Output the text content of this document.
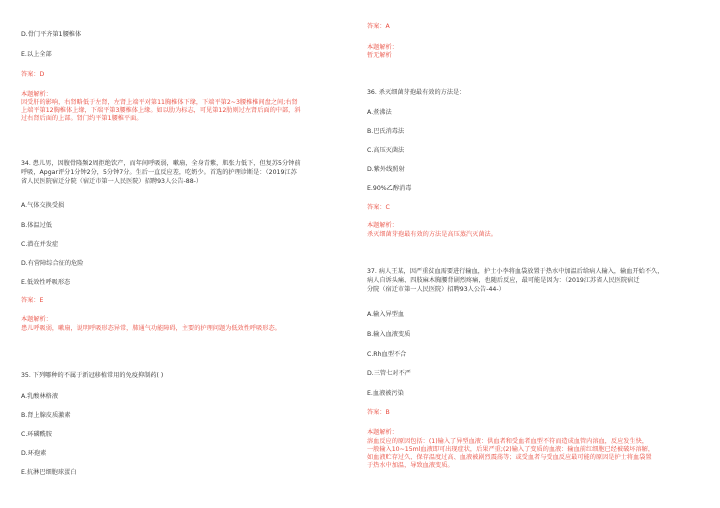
D.骨门平齐第1腰椎体
E.以上全部
答案：D
本题解析：
因受肝的影响，右肾略低于左肾，左肾上端平对第11胸椎体下缘，下端平第2~3腰椎椎间盘之间;右肾
上端平第12胸椎体上缘，下端平第3腰椎体上缘。如以肋为标志，可见第12肋则过左肾后面的中部，斜
过右肾后面的上部。肾门约平第1腰椎平面。
34. 患儿男，因腹骨隆频2周拒绝饮产，而年间呼吸弱，嗽扇，全身青紫，肌张力低下，但复苏5分钟前
呼吸，Apgar评分1分钟2分，5分钟7分。生后一直反应差，吃奶少。首选的护理诊断是：（2019江苏
省人民医院宿迁分院（宿迁市第一人民医院）招聘93人公告-88-）
A.气体交换受损
B.体温过低
C.潜在并发症
D.有营障综合征的危险
E.低效性呼吸形态
答案：E
本题解析：
患儿呼吸弱，嗽扇，说明呼吸形态异常，肺通气功能障碍，主要的护理问题为低效性呼吸形态。
35. 下列哪种的不属于新冠移植常用的免疫抑制药( )
A.乳酸林格液
B.肾上腺皮质激素
C.环磷酰胺
D.环孢素
E.抗淋巴细胞球蛋白
答案：A
本题解析：
暂无解析
36. 杀灭细菌芽孢最有效的方法是：
A.煮沸法
B.巴氏消毒法
C.高压灭菌法
D.紫外线照射
E.90%乙醇消毒
答案：C
本题解析：
杀灭细菌芽孢最有效的方法是高压蒸汽灭菌法。
37. 病人王某，因严重贫血需要进行输血，护士小李将血袋放置于热水中加温后给病人输入，输血开始不久，
病人自诉头痛、四肢麻木胸腰背剧烈疼痛，也随后反应，最可能是因为：（2019江苏省人民医院宿迁
分院（宿迁市第一人民医院）招聘93人公告-44-）
A.输入异型血
B.输入血液变质
C.Rh血型不合
D.三管七对不严
E.血液被污染
答案：B
本题解析：
溶血反应的原因包括：(1)输入了异型血液：供血者和受血者血型不符而造成血管内溶血，反应发生快，
一般输入10~15ml血液即可出现症状，后果严重;(2)输入了变质的血液：输血前红细胞已经被破坏溶解，
如血液贮存过久、保存温度过高、血液被剧烈震荡等；或受血者与受血反应最可能的原因是护士将血袋置
于热水中加温，导致血液变质。
